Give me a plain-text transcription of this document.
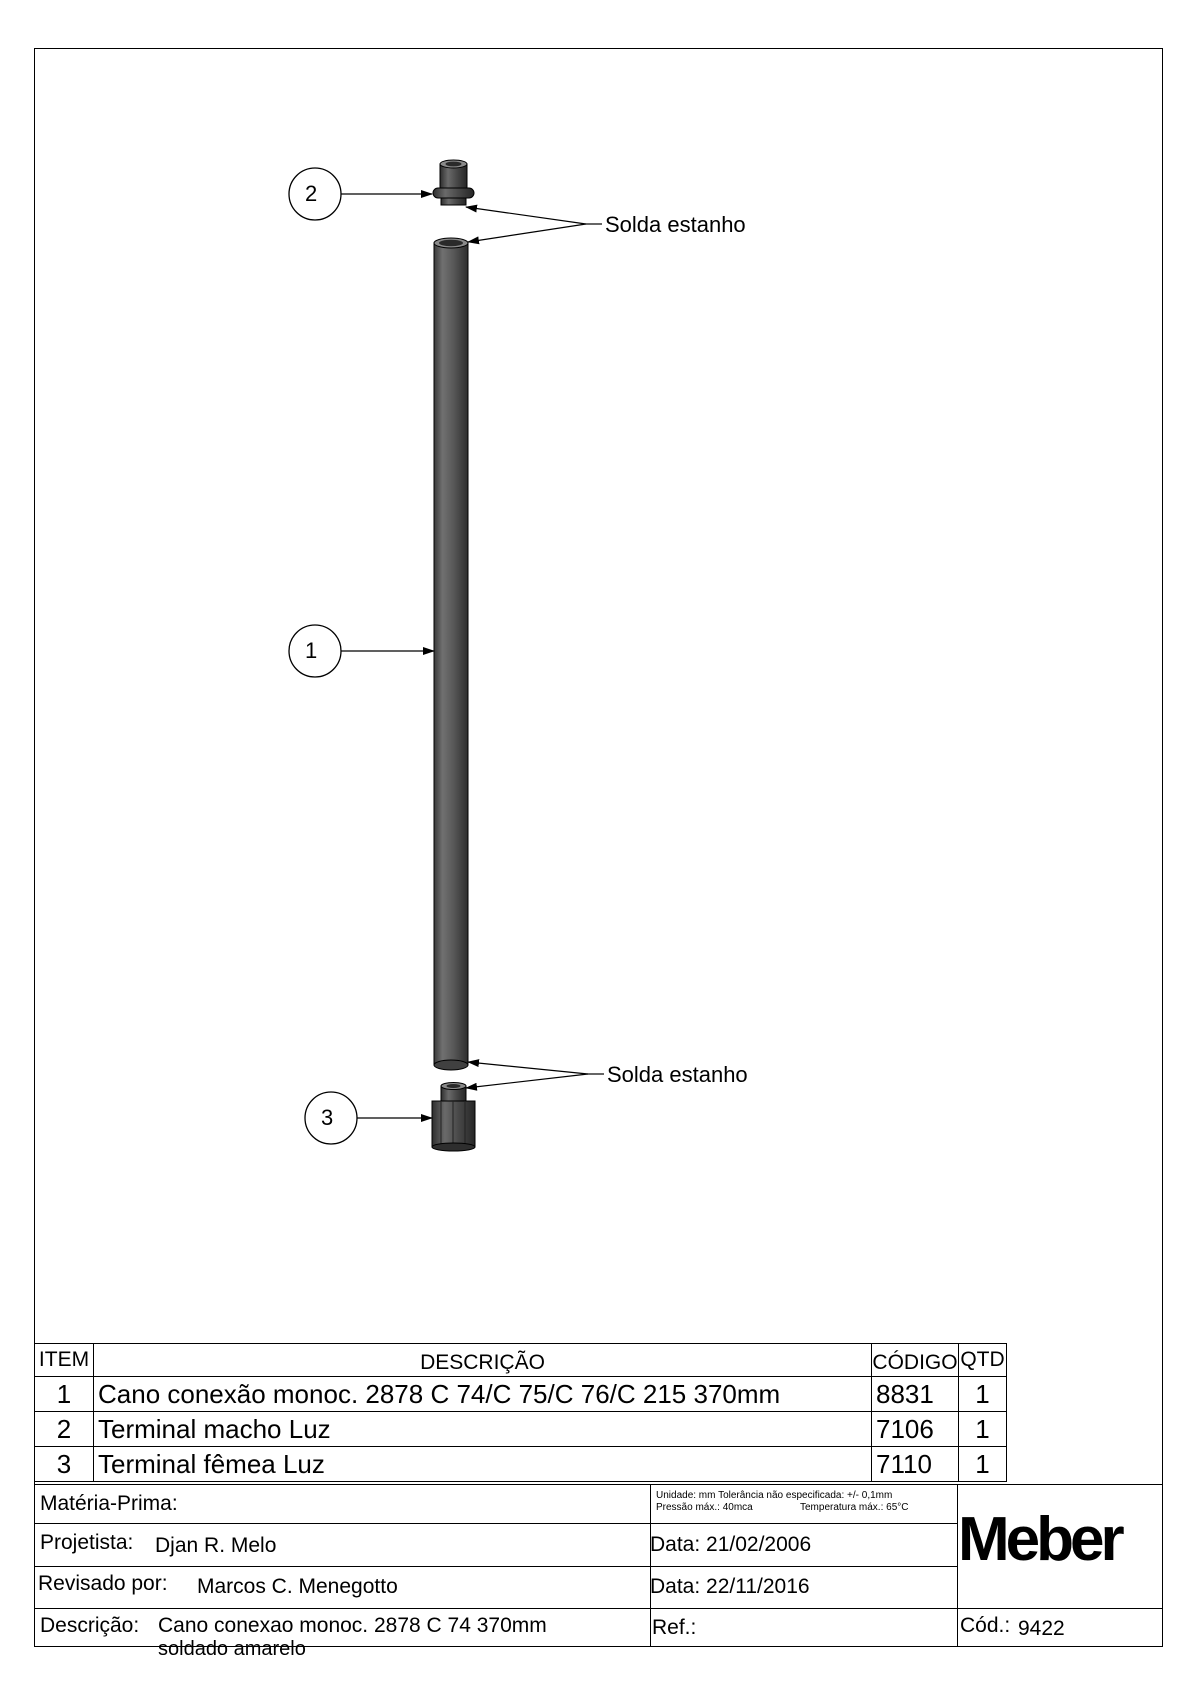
2
1
3
Solda estanho
Solda estanho
ITEM	DESCRIÇÃO	CÓDIGO	QTD
1	Cano conexão monoc. 2878 C 74/C 75/C 76/C 215 370mm	8831	1
2	Terminal macho Luz	7106	1
3	Terminal fêmea Luz	7110	1
Matéria-Prima:	Unidade: mm Tolerância não especificada: +/- 0,1mm
Pressão máx.: 40mca	Temperatura máx.: 65°C
Projetista: Djan R. Melo	Data: 21/02/2006
Revisado por: Marcos C. Menegotto	Data: 22/11/2016
Descrição: Cano conexao monoc. 2878 C 74 370mm
soldado amarelo
Ref.:	Cód.: 9422
Meber
